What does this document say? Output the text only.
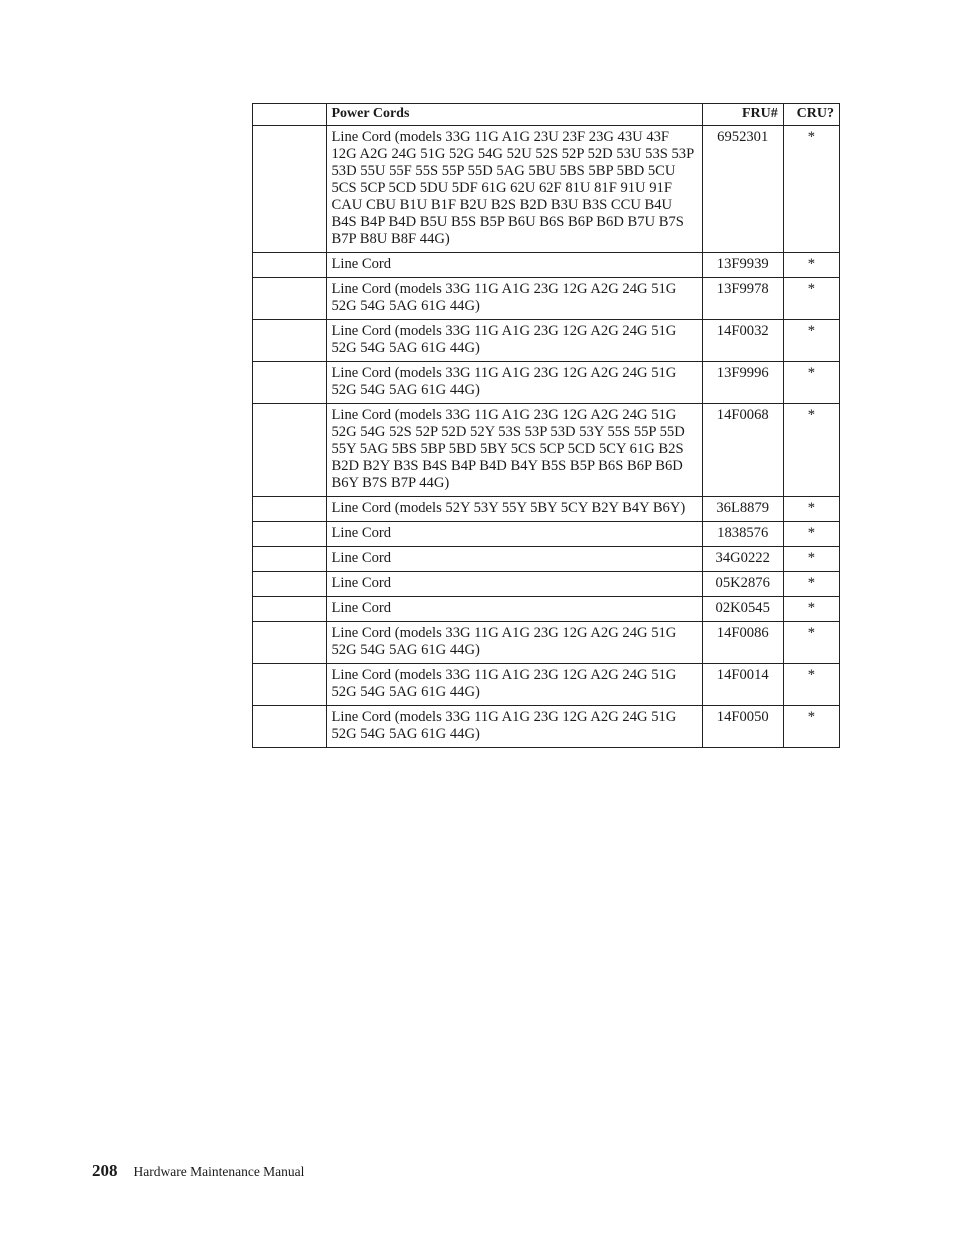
	Power Cords	FRU#	CRU?
	Line Cord (models 33G 11G A1G 23U 23F 23G 43U 43F 12G A2G 24G 51G 52G 54G 52U 52S 52P 52D 53U 53S 53P 53D 55U 55F 55S 55P 55D 5AG 5BU 5BS 5BP 5BD 5CU 5CS 5CP 5CD 5DU 5DF 61G 62U 62F 81U 81F 91U 91F CAU CBU B1U B1F B2U B2S B2D B3U B3S CCU B4U B4S B4P B4D B5U B5S B5P B6U B6S B6P B6D B7U B7S B7P B8U B8F 44G)	6952301	*
	Line Cord	13F9939	*
	Line Cord (models 33G 11G A1G 23G 12G A2G 24G 51G 52G 54G 5AG 61G 44G)	13F9978	*
	Line Cord (models 33G 11G A1G 23G 12G A2G 24G 51G 52G 54G 5AG 61G 44G)	14F0032	*
	Line Cord (models 33G 11G A1G 23G 12G A2G 24G 51G 52G 54G 5AG 61G 44G)	13F9996	*
	Line Cord (models 33G 11G A1G 23G 12G A2G 24G 51G 52G 54G 52S 52P 52D 52Y 53S 53P 53D 53Y 55S 55P 55D 55Y 5AG 5BS 5BP 5BD 5BY 5CS 5CP 5CD 5CY 61G B2S B2D B2Y B3S B4S B4P B4D B4Y B5S B5P B6S B6P B6D B6Y B7S B7P 44G)	14F0068	*
	Line Cord (models 52Y 53Y 55Y 5BY 5CY B2Y B4Y B6Y)	36L8879	*
	Line Cord	1838576	*
	Line Cord	34G0222	*
	Line Cord	05K2876	*
	Line Cord	02K0545	*
	Line Cord (models 33G 11G A1G 23G 12G A2G 24G 51G 52G 54G 5AG 61G 44G)	14F0086	*
	Line Cord (models 33G 11G A1G 23G 12G A2G 24G 51G 52G 54G 5AG 61G 44G)	14F0014	*
	Line Cord (models 33G 11G A1G 23G 12G A2G 24G 51G 52G 54G 5AG 61G 44G)	14F0050	*
208 Hardware Maintenance Manual
